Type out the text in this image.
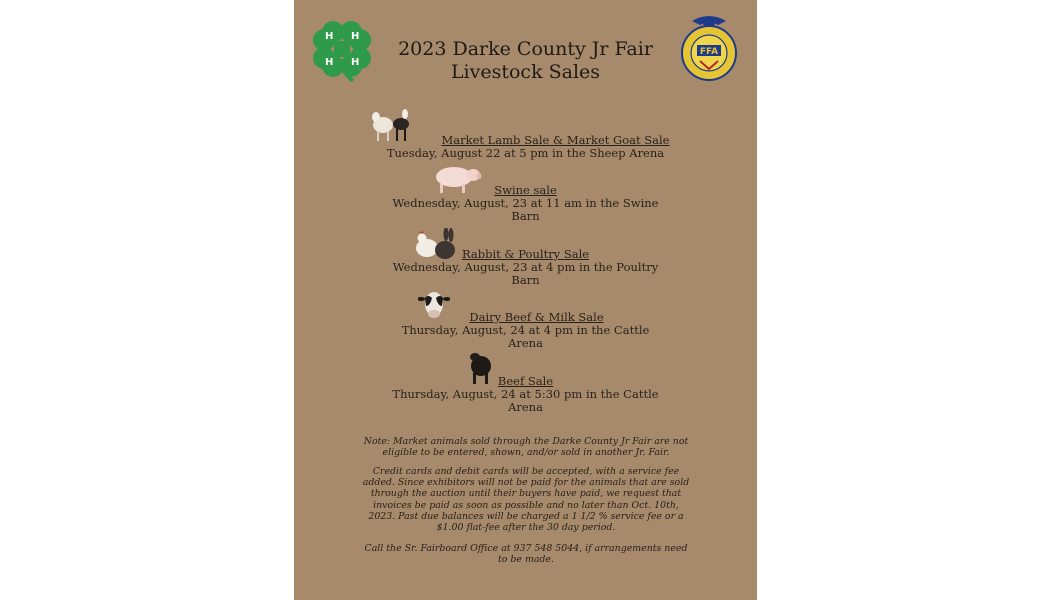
H H
H H
FFA
2023 Darke County Jr Fair
Livestock Sales
Market Lamb Sale & Market Goat Sale
Tuesday, August 22 at 5 pm in the Sheep Arena
Swine sale
Wednesday, August, 23 at 11 am in the Swine
Barn
Rabbit & Poultry Sale
Wednesday, August, 23 at 4 pm in the Poultry
Barn
Dairy Beef & Milk Sale
Thursday, August, 24 at 4 pm in the Cattle
Arena
Beef Sale
Thursday, August, 24 at 5:30 pm in the Cattle
Arena

Note: Market animals sold through the Darke County Jr Fair are not eligible to be entered, shown, and/or sold in another Jr. Fair.

Credit cards and debit cards will be accepted, with a service fee added. Since exhibitors will not be paid for the animals that are sold through the auction until their buyers have paid, we request that invoices be paid as soon as possible and no later than Oct. 10th, 2023. Past due balances will be charged a 1 1/2 % service fee or a $1.00 flat-fee after the 30 day period.

Call the Sr. Fairboard Office at 937 548 5044, if arrangements need to be made.
